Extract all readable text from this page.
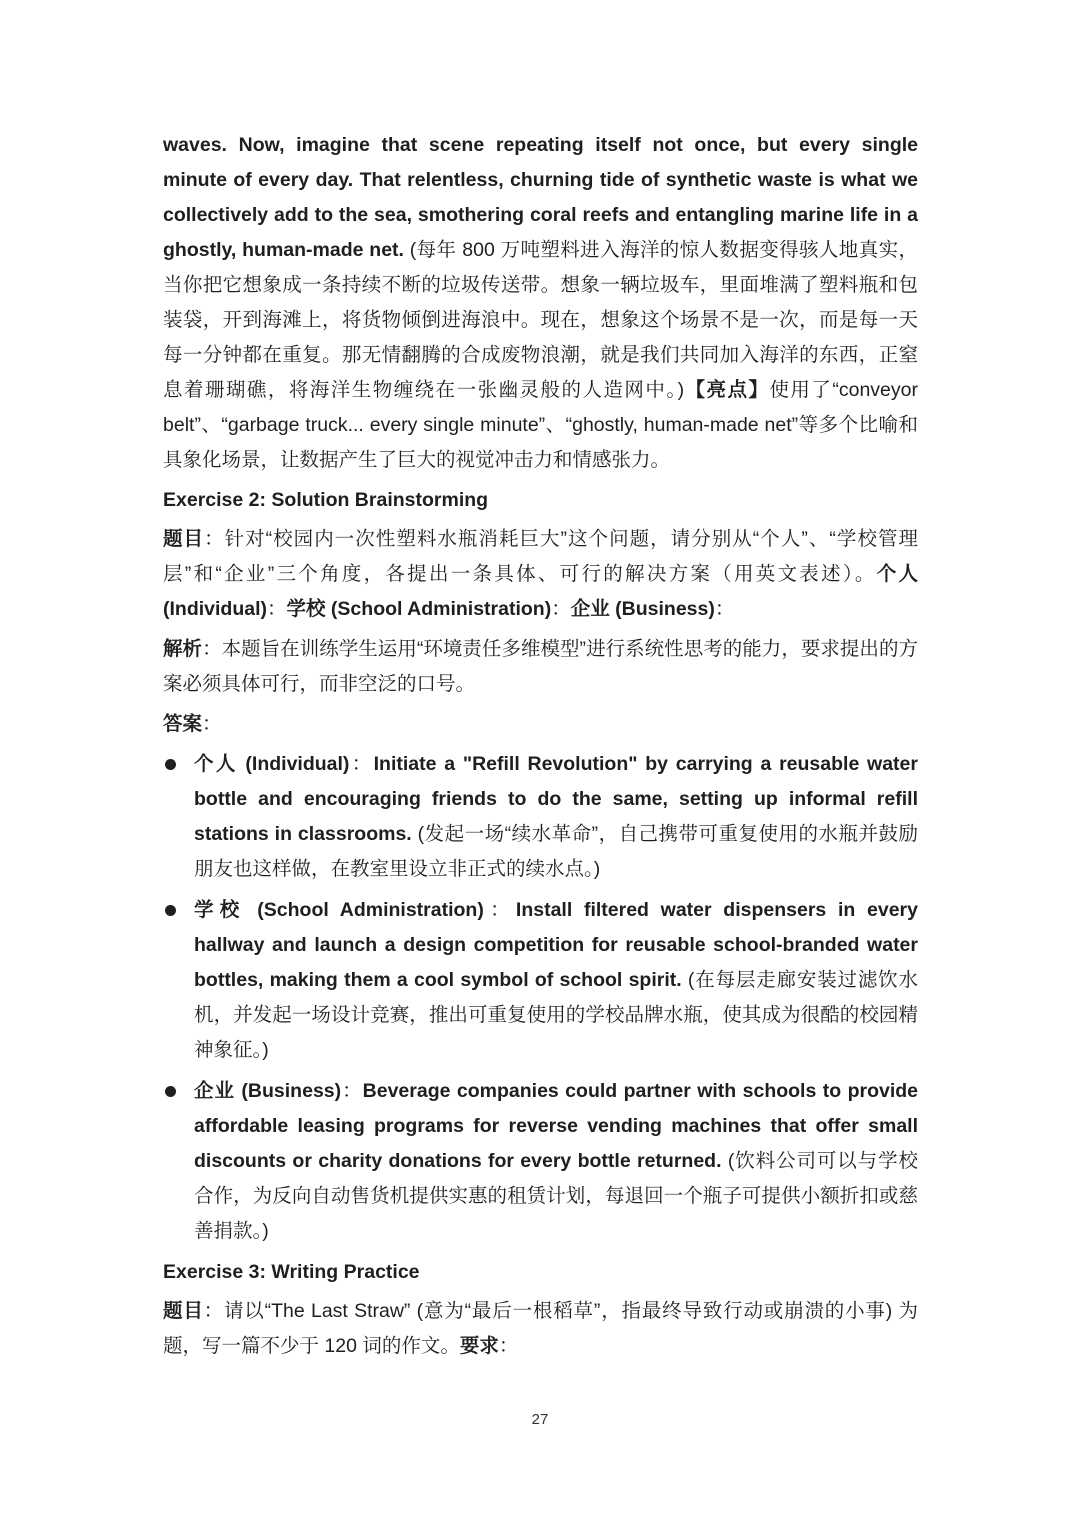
waves. Now, imagine that scene repeating itself not once, but every single minute of every day. That relentless, churning tide of synthetic waste is what we collectively add to the sea, smothering coral reefs and entangling marine life in a ghostly, human-made net. (每年 800 万吨塑料进入海洋的惊人数据变得骇人地真实，当你把它想象成一条持续不断的垃圾传送带。想象一辆垃圾车，里面堆满了塑料瓶和包装袋，开到海滩上，将货物倾倒进海浪中。现在，想象这个场景不是一次，而是每一天每一分钟都在重复。那无情翻腾的合成废物浪潮，就是我们共同加入海洋的东西，正窒息着珊瑚礁，将海洋生物缠绕在一张幽灵般的人造网中。)【亮点】使用了“conveyor belt”、“garbage truck... every single minute”、“ghostly, human-made net”等多个比喻和具象化场景，让数据产生了巨大的视觉冲击力和情感张力。

Exercise 2: Solution Brainstorming

题目：针对“校园内一次性塑料水瓶消耗巨大”这个问题，请分别从“个人”、“学校管理层”和“企业”三个角度，各提出一条具体、可行的解决方案（用英文表述）。个人 (Individual)：学校 (School Administration)：企业 (Business)：

解析：本题旨在训练学生运用“环境责任多维模型”进行系统性思考的能力，要求提出的方案必须具体可行，而非空泛的口号。

答案：

个人 (Individual)：Initiate a "Refill Revolution" by carrying a reusable water bottle and encouraging friends to do the same, setting up informal refill stations in classrooms. (发起一场“续水革命”，自己携带可重复使用的水瓶并鼓励朋友也这样做，在教室里设立非正式的续水点。)
学校 (School Administration)：Install filtered water dispensers in every hallway and launch a design competition for reusable school-branded water bottles, making them a cool symbol of school spirit. (在每层走廊安装过滤饮水机，并发起一场设计竞赛，推出可重复使用的学校品牌水瓶，使其成为很酷的校园精神象征。)
企业 (Business)：Beverage companies could partner with schools to provide affordable leasing programs for reverse vending machines that offer small discounts or charity donations for every bottle returned. (饮料公司可以与学校合作，为反向自动售货机提供实惠的租赁计划，每退回一个瓶子可提供小额折扣或慈善捐款。)
Exercise 3: Writing Practice

题目：请以“The Last Straw” (意为“最后一根稻草”，指最终导致行动或崩溃的小事) 为题，写一篇不少于 120 词的作文。要求：

27
